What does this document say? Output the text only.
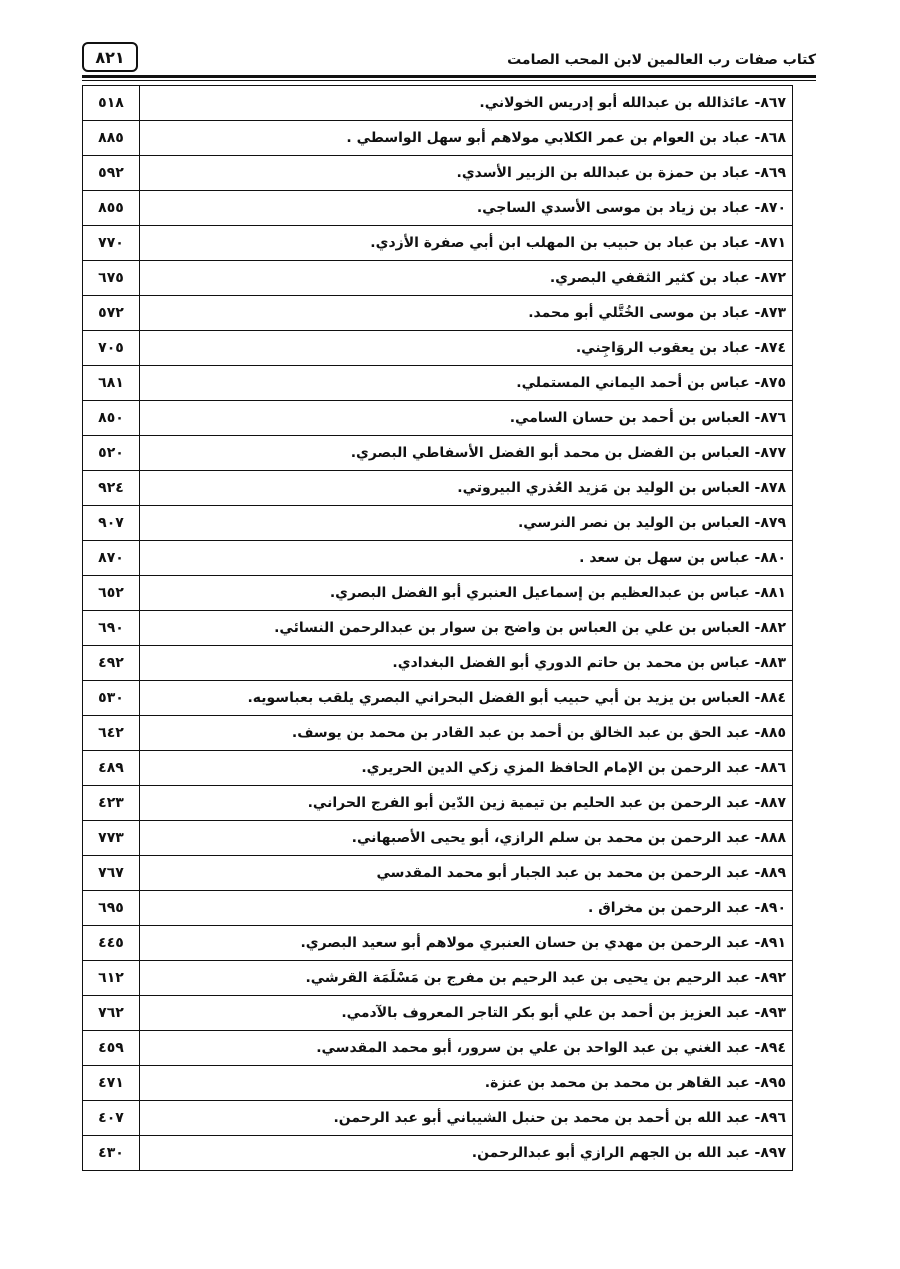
٨٢١	كتاب صفات رب العالمين لابن المحب الصامت
٥١٨	٨٦٧- عائذالله بن عبدالله أبو إدريس الخولاني.
٨٨٥	٨٦٨- عباد بن العوام بن عمر الكلابي مولاهم أبو سهل الواسطي .
٥٩٢	٨٦٩- عباد بن حمزة بن عبدالله بن الزبير الأسدي.
٨٥٥	٨٧٠- عباد بن زياد بن موسى الأسدي الساجي.
٧٧٠	٨٧١- عباد بن عباد بن حبيب بن المهلب ابن أبي صفرة الأزدي.
٦٧٥	٨٧٢- عباد بن كثير الثقفي البصري.
٥٧٢	٨٧٣- عباد بن موسى الخُتَّلي أبو محمد.
٧٠٥	٨٧٤- عباد بن يعقوب الروَاجِني.
٦٨١	٨٧٥- عباس بن أحمد اليماني المستملي.
٨٥٠	٨٧٦- العباس بن أحمد بن حسان السامي.
٥٢٠	٨٧٧- العباس بن الفضل بن محمد أبو الفضل الأسفاطي البصري.
٩٢٤	٨٧٨- العباس بن الوليد بن مَزيد العُذري البيروتي.
٩٠٧	٨٧٩- العباس بن الوليد بن نصر النرسي.
٨٧٠	٨٨٠- عباس بن سهل بن سعد .
٦٥٢	٨٨١- عباس بن عبدالعظيم بن إسماعيل العنبري أبو الفضل البصري.
٦٩٠	٨٨٢- العباس بن علي بن العباس بن واضح بن سوار بن عبدالرحمن النسائي.
٤٩٢	٨٨٣- عباس بن محمد بن حاتم الدوري أبو الفضل البغدادي.
٥٣٠	٨٨٤- العباس بن يزيد بن أبي حبيب أبو الفضل البحراني البصري يلقب بعباسويه.
٦٤٢	٨٨٥- عبد الحق بن عبد الخالق بن أحمد بن عبد القادر بن محمد بن يوسف.
٤٨٩	٨٨٦- عبد الرحمن بن الإمام الحافظ المزي زكي الدين الحريري.
٤٢٣	٨٨٧- عبد الرحمن بن عبد الحليم بن تيمية زين الدّين أبو الفرج الحراني.
٧٧٣	٨٨٨- عبد الرحمن بن محمد بن سلم الرازي، أبو يحيى الأصبهاني.
٧٦٧	٨٨٩- عبد الرحمن بن محمد بن عبد الجبار أبو محمد المقدسي
٦٩٥	٨٩٠- عبد الرحمن بن مخراق .
٤٤٥	٨٩١- عبد الرحمن بن مهدي بن حسان العنبري مولاهم أبو سعيد البصري.
٦١٢	٨٩٢- عبد الرحيم بن يحيى بن عبد الرحيم بن مفرج بن مَسْلَمَة القرشي.
٧٦٢	٨٩٣- عبد العزيز بن أحمد بن علي أبو بكر التاجر المعروف بالآدمي.
٤٥٩	٨٩٤- عبد الغني بن عبد الواحد بن علي بن سرور، أبو محمد المقدسي.
٤٧١	٨٩٥- عبد القاهر بن محمد بن محمد بن عنزة.
٤٠٧	٨٩٦- عبد الله بن أحمد بن محمد بن حنبل الشيباني أبو عبد الرحمن.
٤٣٠	٨٩٧- عبد الله بن الجهم الرازي أبو عبدالرحمن.
